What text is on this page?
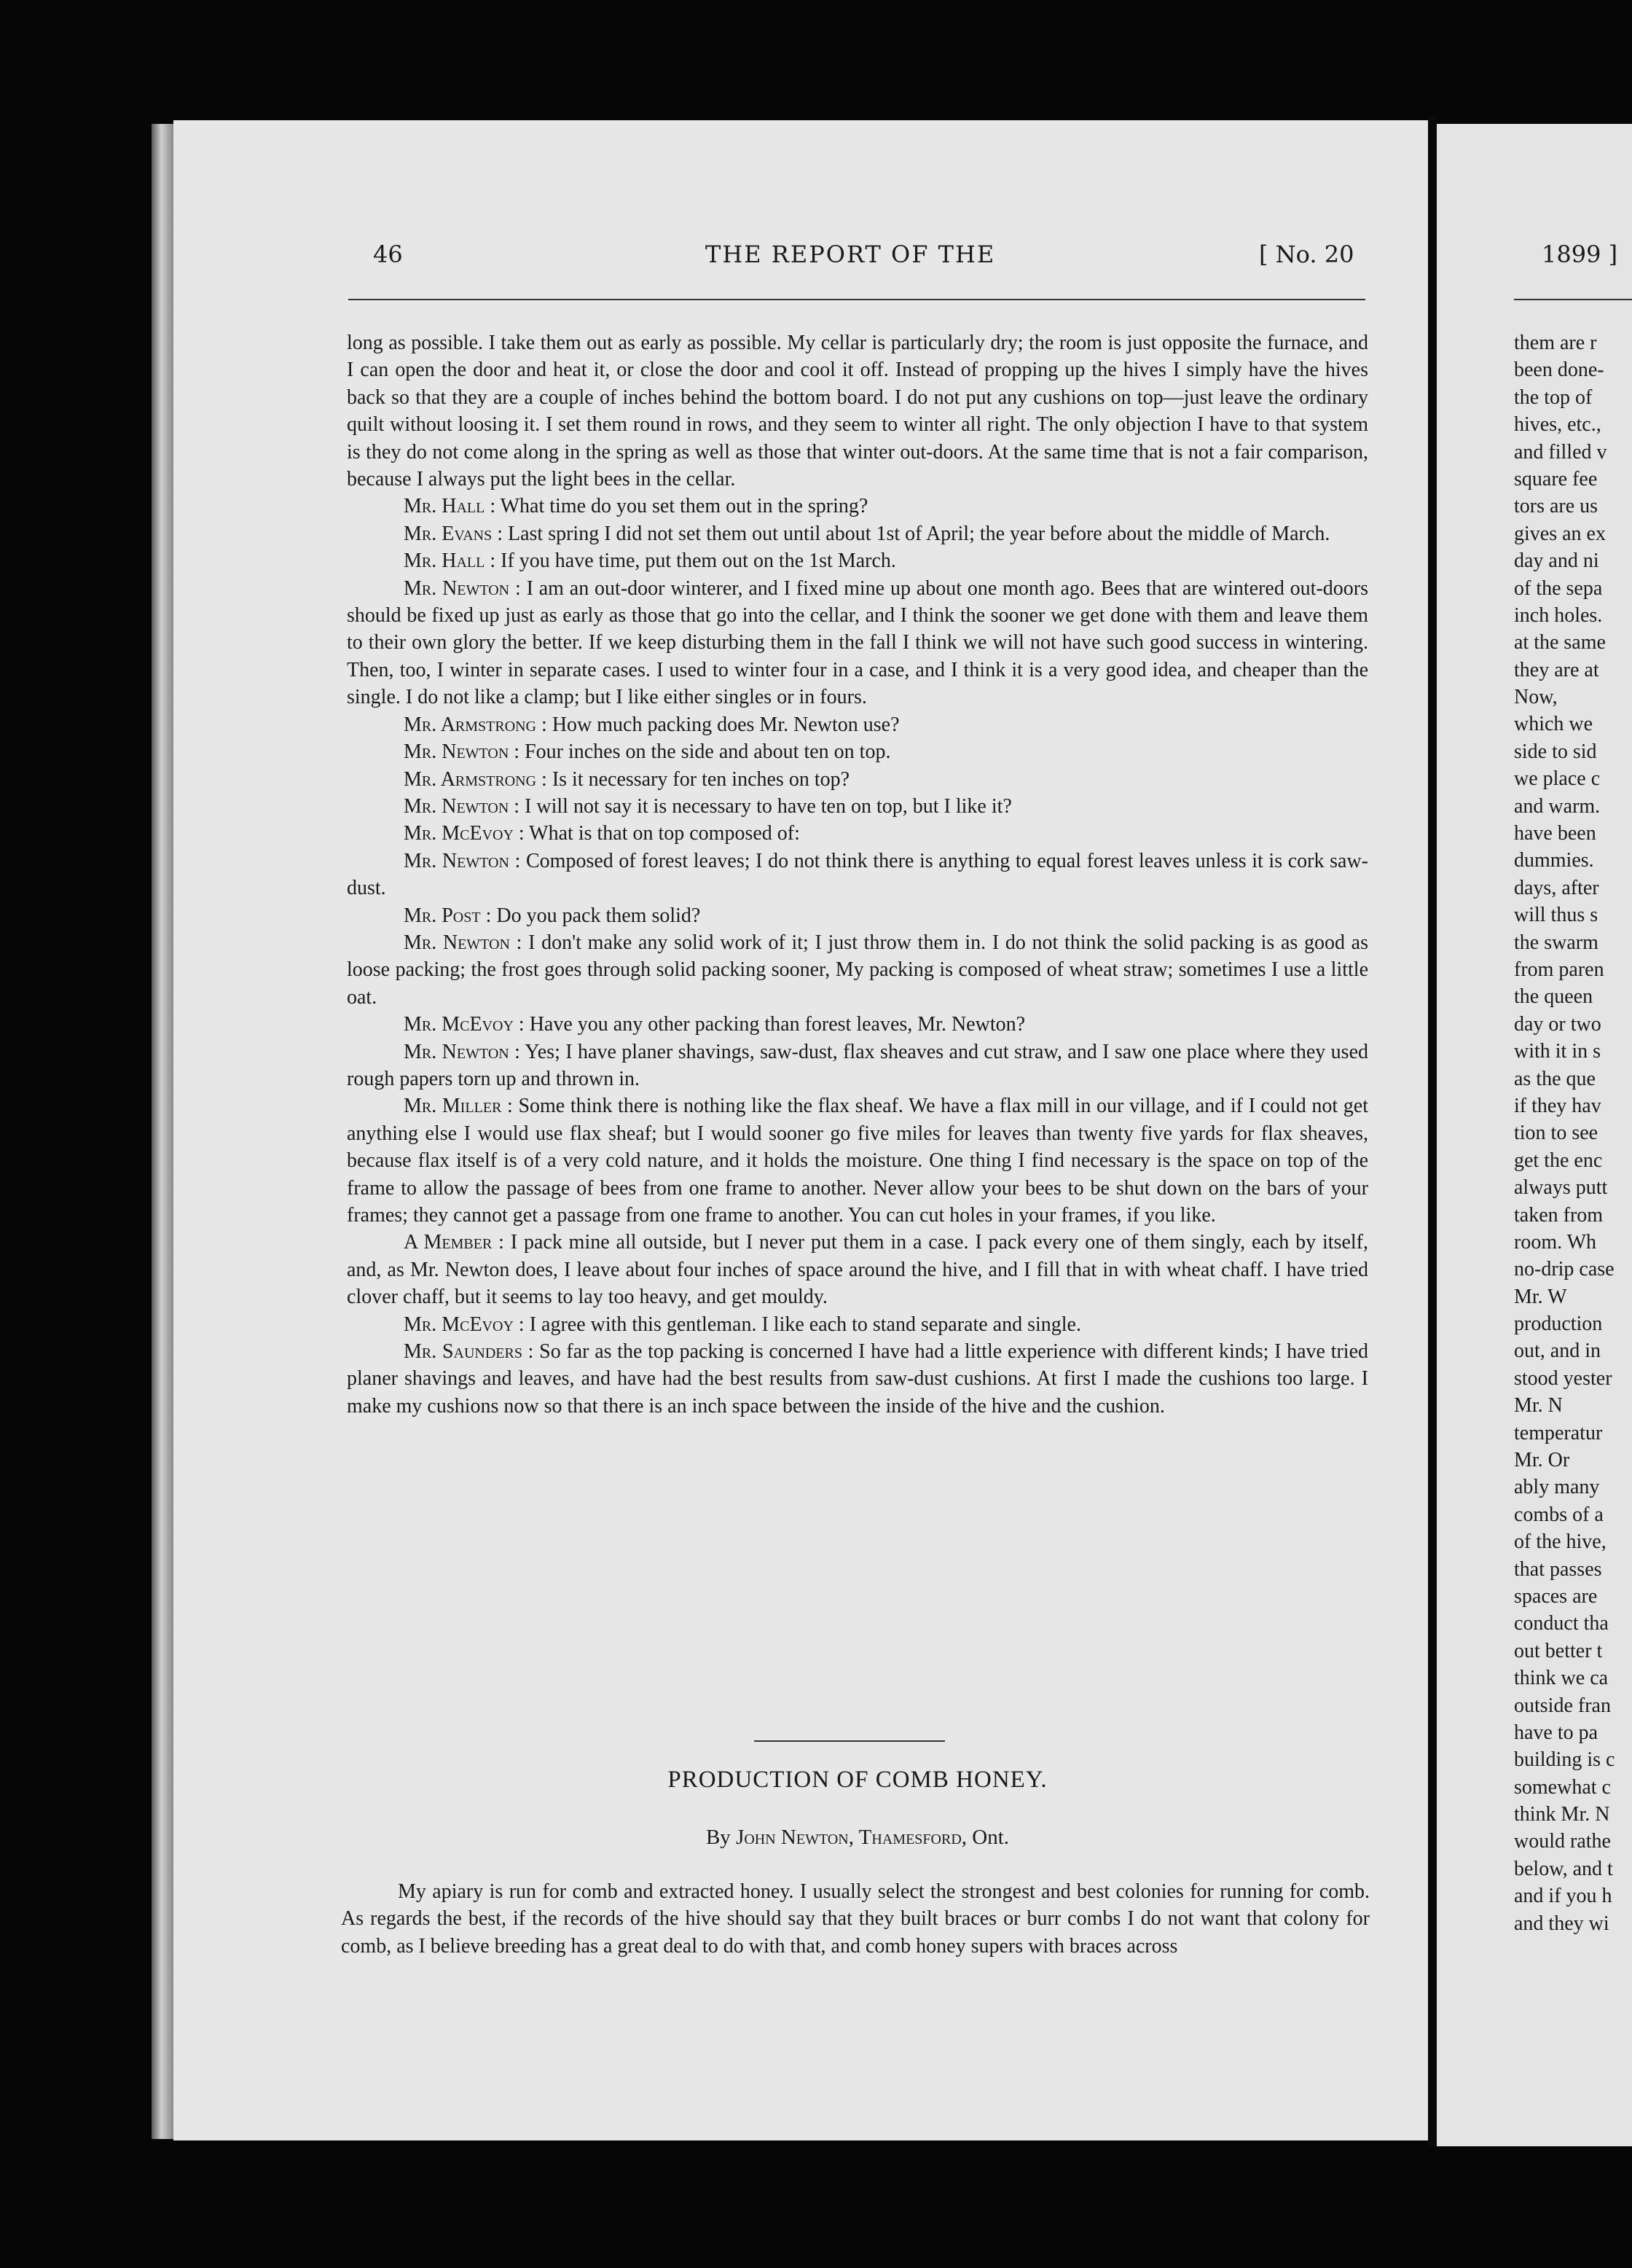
46	THE REPORT OF THE	[ No. 20	1899 ]

long as possible. I take them out as early as possible. My cellar is particularly dry; the room is just opposite the furnace, and I can open the door and heat it, or close the door and cool it off. Instead of propping up the hives I simply have the hives back so that they are a couple of inches behind the bottom board. I do not put any cushions on top—just leave the ordinary quilt without loosing it. I set them round in rows, and they seem to winter all right. The only objection I have to that system is they do not come along in the spring as well as those that winter out-doors. At the same time that is not a fair comparison, because I always put the light bees in the cellar.

Mr. Hall : What time do you set them out in the spring?

Mr. Evans : Last spring I did not set them out until about 1st of April; the year before about the middle of March.

Mr. Hall : If you have time, put them out on the 1st March.

Mr. Newton : I am an out-door winterer, and I fixed mine up about one month ago. Bees that are wintered out-doors should be fixed up just as early as those that go into the cellar, and I think the sooner we get done with them and leave them to their own glory the better. If we keep disturbing them in the fall I think we will not have such good success in wintering. Then, too, I winter in separate cases. I used to winter four in a case, and I think it is a very good idea, and cheaper than the single. I do not like a clamp; but I like either singles or in fours.

Mr. Armstrong : How much packing does Mr. Newton use?

Mr. Newton : Four inches on the side and about ten on top.

Mr. Armstrong : Is it necessary for ten inches on top?

Mr. Newton : I will not say it is necessary to have ten on top, but I like it?

Mr. McEvoy : What is that on top composed of:

Mr. Newton : Composed of forest leaves; I do not think there is anything to equal forest leaves unless it is cork saw-dust.

Mr. Post : Do you pack them solid?

Mr. Newton : I don't make any solid work of it; I just throw them in. I do not think the solid packing is as good as loose packing; the frost goes through solid packing sooner, My packing is composed of wheat straw; sometimes I use a little oat.

Mr. McEvoy : Have you any other packing than forest leaves, Mr. Newton?

Mr. Newton : Yes; I have planer shavings, saw-dust, flax sheaves and cut straw, and I saw one place where they used rough papers torn up and thrown in.

Mr. Miller : Some think there is nothing like the flax sheaf. We have a flax mill in our village, and if I could not get anything else I would use flax sheaf; but I would sooner go five miles for leaves than twenty five yards for flax sheaves, because flax itself is of a very cold nature, and it holds the moisture. One thing I find necessary is the space on top of the frame to allow the passage of bees from one frame to another. Never allow your bees to be shut down on the bars of your frames; they cannot get a passage from one frame to another. You can cut holes in your frames, if you like.

A Member : I pack mine all outside, but I never put them in a case. I pack every one of them singly, each by itself, and, as Mr. Newton does, I leave about four inches of space around the hive, and I fill that in with wheat chaff. I have tried clover chaff, but it seems to lay too heavy, and get mouldy.

Mr. McEvoy : I agree with this gentleman. I like each to stand separate and single.

Mr. Saunders : So far as the top packing is concerned I have had a little experience with different kinds; I have tried planer shavings and leaves, and have had the best results from saw-dust cushions. At first I made the cushions too large. I make my cushions now so that there is an inch space between the inside of the hive and the cushion.

PRODUCTION OF COMB HONEY.
By John Newton, Thamesford, Ont.

My apiary is run for comb and extracted honey. I usually select the strongest and best colonies for running for comb. As regards the best, if the records of the hive should say that they built braces or burr combs I do not want that colony for comb, as I believe breeding has a great deal to do with that, and comb honey supers with braces across

them are r
been done-
the top of
hives, etc.,
and filled v
square fee
tors are us
gives an ex
day and ni
of the sepa
inch holes.
at the same
they are at
Now,
which we
side to sid
we place c
and warm.
have been
dummies.
days, after
will thus s
the swarm
from paren
the queen
day or two
with it in s
as the que
if they hav
tion to see
get the enc
always putt
taken from
room. Wh
no-drip case
Mr. W
production
out, and in
stood yester
Mr. N
temperatur
Mr. Or
ably many
combs of a
of the hive,
that passes
spaces are
conduct tha
out better t
think we ca
outside fran
have to pa
building is c
somewhat c
think Mr. N
would rathe
below, and t
and if you h
and they wi
